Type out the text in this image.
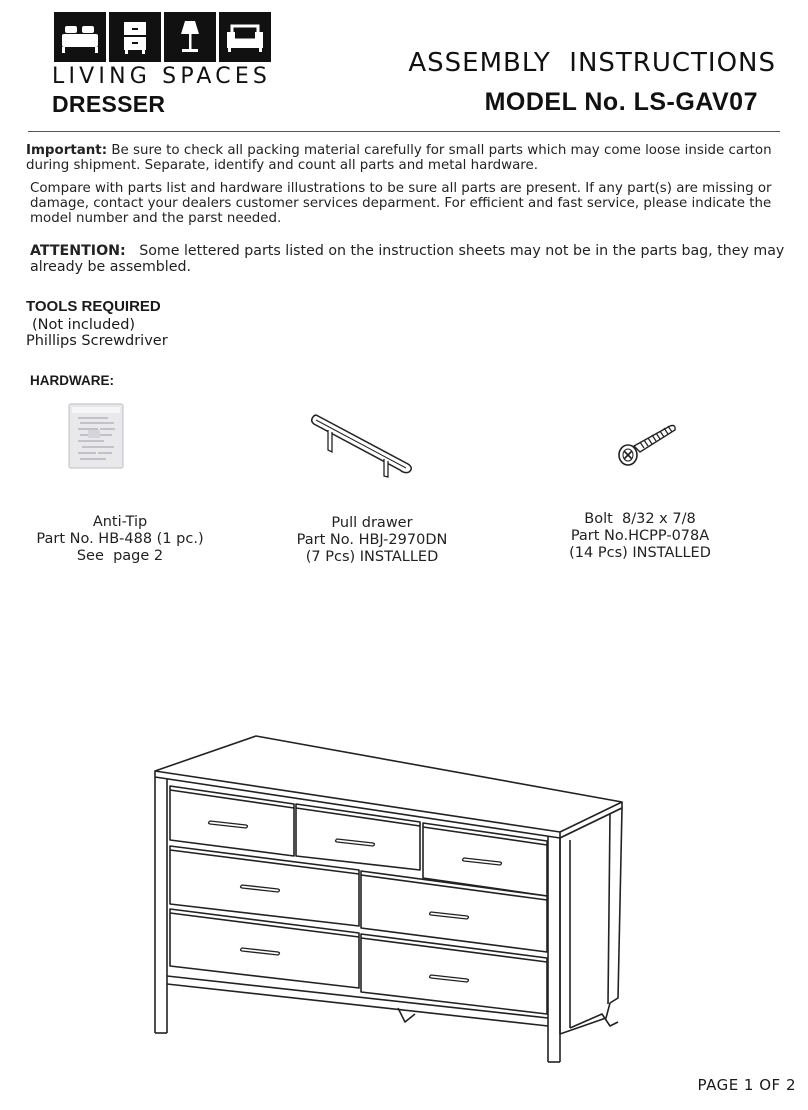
LIVING SPACES
DRESSER
ASSEMBLY  INSTRUCTIONS
MODEL No. LS-GAV07
Important: Be sure to check all packing material carefully for small parts which may come loose inside carton during shipment. Separate, identify and count all parts and metal hardware.
Compare with parts list and hardware illustrations to be sure all parts are present. If any part(s) are missing or damage, contact your dealers customer services deparment. For efficient and fast service, please indicate the model number and the parst needed.
ATTENTION:   Some lettered parts listed on the instruction sheets may not be in the parts bag, they may already be assembled.
TOOLS REQUIRED
(Not included)
Phillips Screwdriver
HARDWARE:
Anti-Tip
Part No. HB-488 (1 pc.)
See  page 2
Pull drawer
Part No. HBJ-2970DN
(7 Pcs) INSTALLED
Bolt  8/32 x 7/8
Part No.HCPP-078A
(14 Pcs) INSTALLED
PAGE 1 OF 2
